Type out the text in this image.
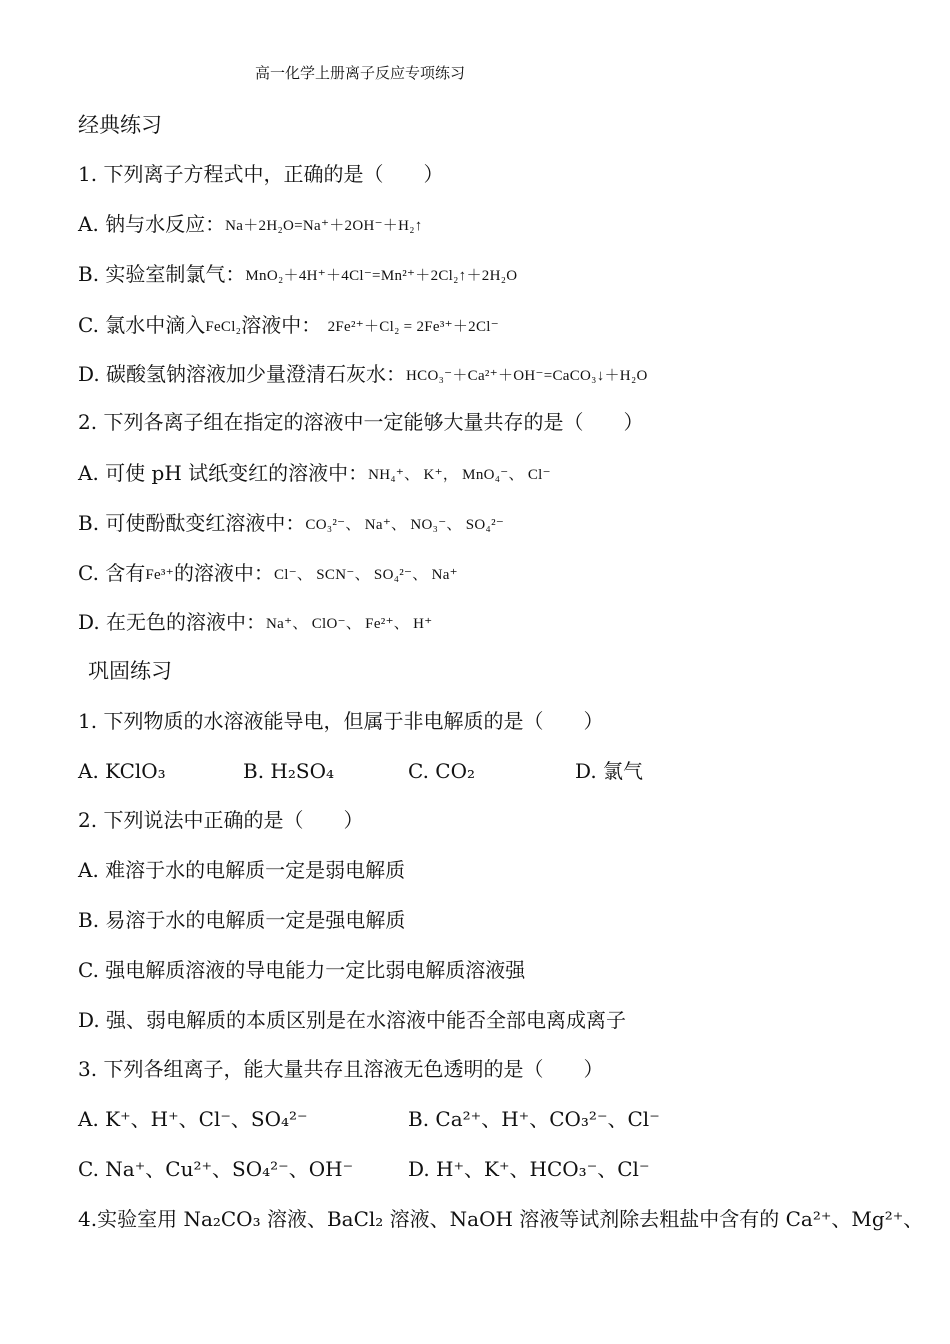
高一化学上册离子反应专项练习
经典练习
1. 下列离子方程式中，正确的是（　　）
A. 钠与水反应：Na＋2H₂O=Na⁺＋2OH⁻＋H₂↑
B. 实验室制氯气：MnO₂＋4H⁺＋4Cl⁻=Mn²⁺＋2Cl₂↑＋2H₂O
C. 氯水中滴入FeCl₂溶液中： 2Fe²⁺＋Cl₂ = 2Fe³⁺＋2Cl⁻
D. 碳酸氢钠溶液加少量澄清石灰水：HCO₃⁻＋Ca²⁺＋OH⁻=CaCO₃↓＋H₂O
2. 下列各离子组在指定的溶液中一定能够大量共存的是（　　）
A. 可使 pH 试纸变红的溶液中：NH₄⁺、 K⁺， MnO₄⁻、 Cl⁻
B. 可使酚酞变红溶液中：CO₃²⁻、 Na⁺、 NO₃⁻、 SO₄²⁻
C. 含有Fe³⁺的溶液中：Cl⁻、 SCN⁻、 SO₄²⁻、 Na⁺
D. 在无色的溶液中：Na⁺、 ClO⁻、 Fe²⁺、 H⁺
巩固练习
1. 下列物质的水溶液能导电，但属于非电解质的是（　　）
A. KClO₃	B. H₂SO₄	C. CO₂	D. 氯气
2. 下列说法中正确的是（　　）
A. 难溶于水的电解质一定是弱电解质
B. 易溶于水的电解质一定是强电解质
C. 强电解质溶液的导电能力一定比弱电解质溶液强
D. 强、弱电解质的本质区别是在水溶液中能否全部电离成离子
3. 下列各组离子，能大量共存且溶液无色透明的是（　　）
A. K⁺、H⁺、Cl⁻、SO₄²⁻	B. Ca²⁺、H⁺、CO₃²⁻、Cl⁻
C. Na⁺、Cu²⁺、SO₄²⁻、OH⁻	D. H⁺、K⁺、HCO₃⁻、Cl⁻
4.实验室用 Na₂CO₃ 溶液、BaCl₂ 溶液、NaOH 溶液等试剂除去粗盐中含有的 Ca²⁺、Mg²⁺、
